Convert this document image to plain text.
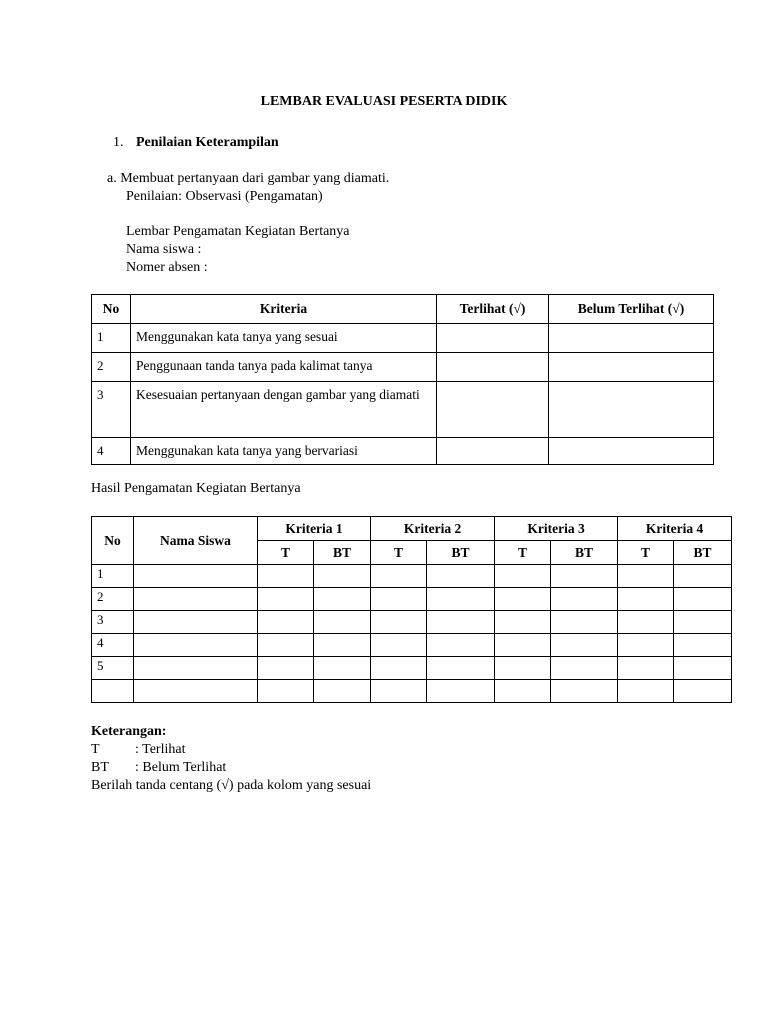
LEMBAR EVALUASI PESERTA DIDIK
1. Penilaian Keterampilan
a. Membuat pertanyaan dari gambar yang diamati.
Penilaian: Observasi (Pengamatan)
Lembar Pengamatan Kegiatan Bertanya
Nama siswa :
Nomer absen :
No	Kriteria	Terlihat (√)	Belum Terlihat (√)
1	Menggunakan kata tanya yang sesuai		
2	Penggunaan tanda tanya pada kalimat tanya		
3	Kesesuaian pertanyaan dengan gambar yang diamati		
4	Menggunakan kata tanya yang bervariasi		
Hasil Pengamatan Kegiatan Bertanya
No	Nama Siswa	Kriteria 1		Kriteria 2		Kriteria 3		Kriteria 4	
		T	BT	T	BT	T	BT	T	BT
1									
2									
3									
4									
5									

Keterangan:
T	: Terlihat
BT : Belum Terlihat
Berilah tanda centang (√) pada kolom yang sesuai
